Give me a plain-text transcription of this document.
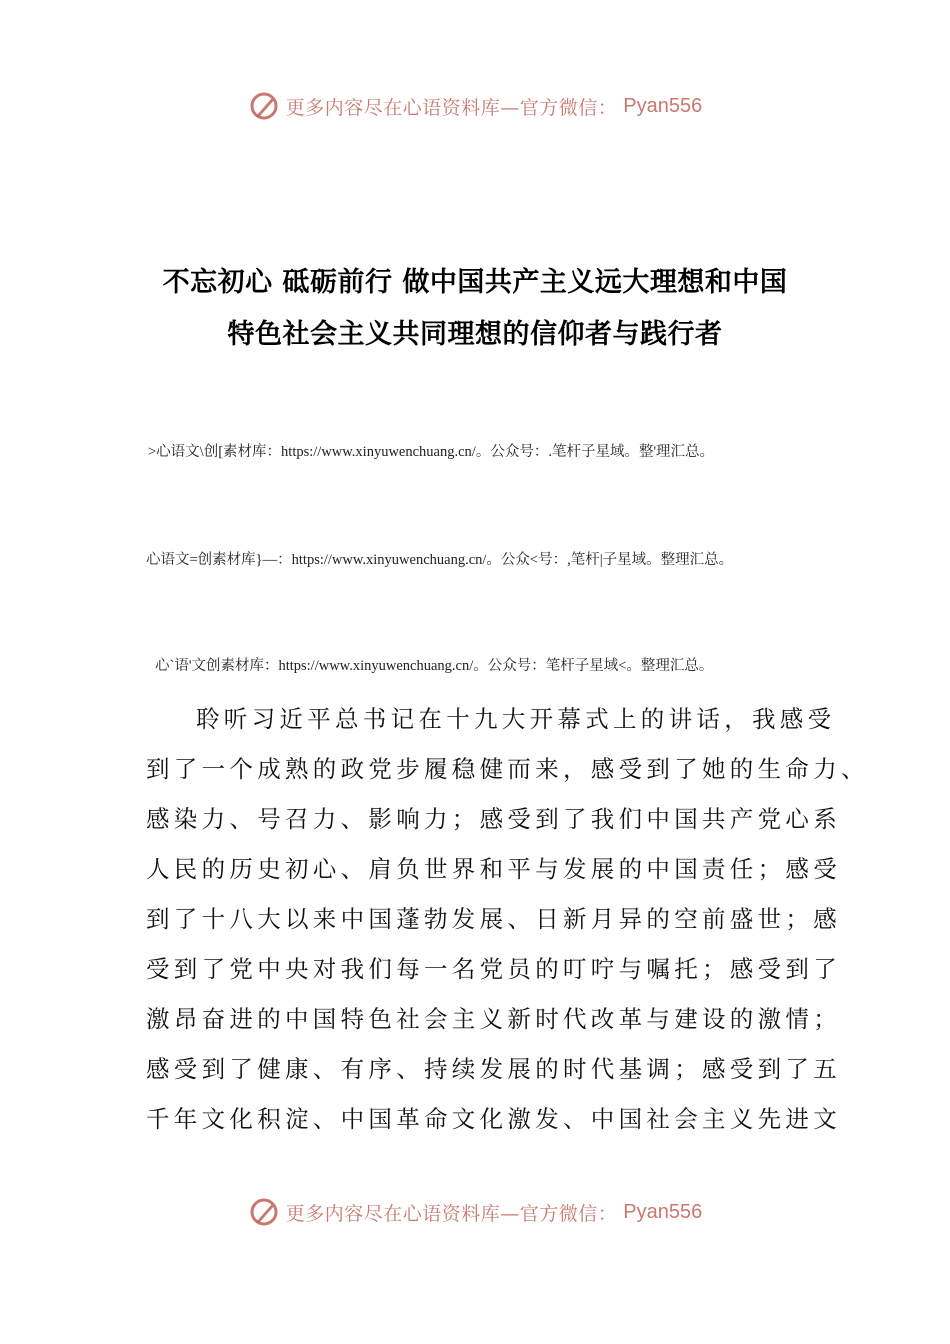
更多内容尽在心语资料库—官方微信： Pyan556
不忘初心 砥砺前行 做中国共产主义远大理想和中国
特色社会主义共同理想的信仰者与践行者
>心语文\创[素材库：https://www.xinyuwenchuang.cn/。公众号：.笔杆子星域。整'理汇总。
心语文=创素材库}—：https://www.xinyuwenchuang.cn/。公众<号：,笔杆|子星域。整理汇总。
心`语'文创素材库：https://www.xinyuwenchuang.cn/。公众号：笔杆子星域<。整理汇总。
聆听习近平总书记在十九大开幕式上的讲话，我感受
到了一个成熟的政党步履稳健而来，感受到了她的生命力、
感染力、号召力、影响力；感受到了我们中国共产党心系
人民的历史初心、肩负世界和平与发展的中国责任；感受
到了十八大以来中国蓬勃发展、日新月异的空前盛世；感
受到了党中央对我们每一名党员的叮咛与嘱托；感受到了
激昂奋进的中国特色社会主义新时代改革与建设的激情；
感受到了健康、有序、持续发展的时代基调；感受到了五
千年文化积淀、中国革命文化激发、中国社会主义先进文
更多内容尽在心语资料库—官方微信： Pyan556
